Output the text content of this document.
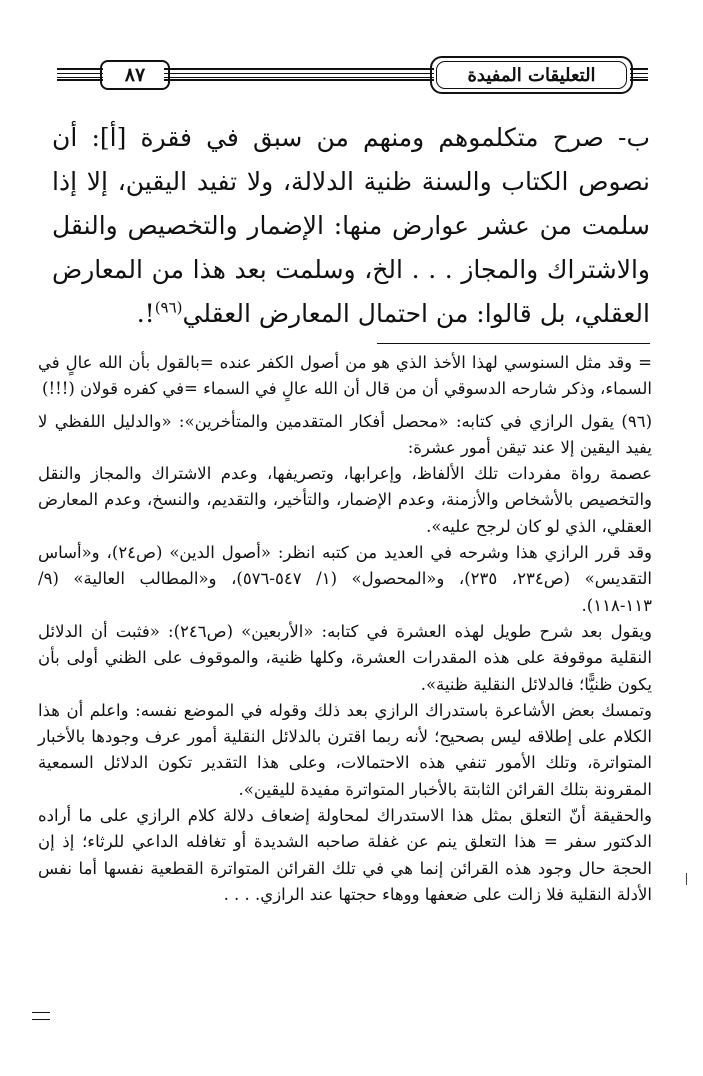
٨٧	التعليقات المفيدة

ب- صرح متكلموهم ومنهم من سبق في فقرة [أ]: أن نصوص الكتاب والسنة ظنية الدلالة، ولا تفيد اليقين، إلا إذا سلمت من عشر عوارض منها: الإضمار والتخصيص والنقل والاشتراك والمجاز . . . الخ، وسلمت بعد هذا من المعارض العقلي، بل قالوا: من احتمال المعارض العقلي$^{(٩٦)}$!.

= وقد مثل السنوسي لهذا الأخذ الذي هو من أصول الكفر عنده =بالقول بأن الله عالٍ في السماء، وذكر شارحه الدسوقي أن من قال أن الله عالٍ في السماء =في كفره قولان (!!!)

(٩٦) يقول الرازي في كتابه: «محصل أفكار المتقدمين والمتأخرين»: «والدليل اللفظي لا يفيد اليقين إلا عند تيقن أمور عشرة:

عصمة رواة مفردات تلك الألفاظ، وإعرابها، وتصريفها، وعدم الاشتراك والمجاز والنقل والتخصيص بالأشخاص والأزمنة، وعدم الإضمار، والتأخير، والتقديم، والنسخ، وعدم المعارض العقلي، الذي لو كان لرجح عليه».

وقد قرر الرازي هذا وشرحه في العديد من كتبه انظر: «أصول الدين» (ص٢٤)، و«أساس التقديس» (ص٢٣٤، ٢٣٥)، و«المحصول» (١/ ٥٤٧-٥٧٦)، و«المطالب العالية» (٩/ ١١٣-١١٨).

ويقول بعد شرح طويل لهذه العشرة في كتابه: «الأربعين» (ص٢٤٦): «فثبت أن الدلائل النقلية موقوفة على هذه المقدرات العشرة، وكلها ظنية، والموقوف على الظني أولى بأن يكون ظنيًّا؛ فالدلائل النقلية ظنية».

وتمسك بعض الأشاعرة باستدراك الرازي بعد ذلك وقوله في الموضع نفسه: واعلم أن هذا الكلام على إطلاقه ليس بصحيح؛ لأنه ربما اقترن بالدلائل النقلية أمور عرف وجودها بالأخبار المتواترة، وتلك الأمور تنفي هذه الاحتمالات، وعلى هذا التقدير تكون الدلائل السمعية المقرونة بتلك القرائن الثابتة بالأخبار المتواترة مفيدة لليقين».

والحقيقة أنّ التعلق بمثل هذا الاستدراك لمحاولة إضعاف دلالة كلام الرازي على ما أراده الدكتور سفر = هذا التعلق ينم عن غفلة صاحبه الشديدة أو تغافله الداعي للرثاء؛ إذ إن الحجة حال وجود هذه القرائن إنما هي في تلك القرائن المتواترة القطعية نفسها أما نفس الأدلة النقلية فلا زالت على ضعفها ووهاء حجتها عند الرازي. . . .
